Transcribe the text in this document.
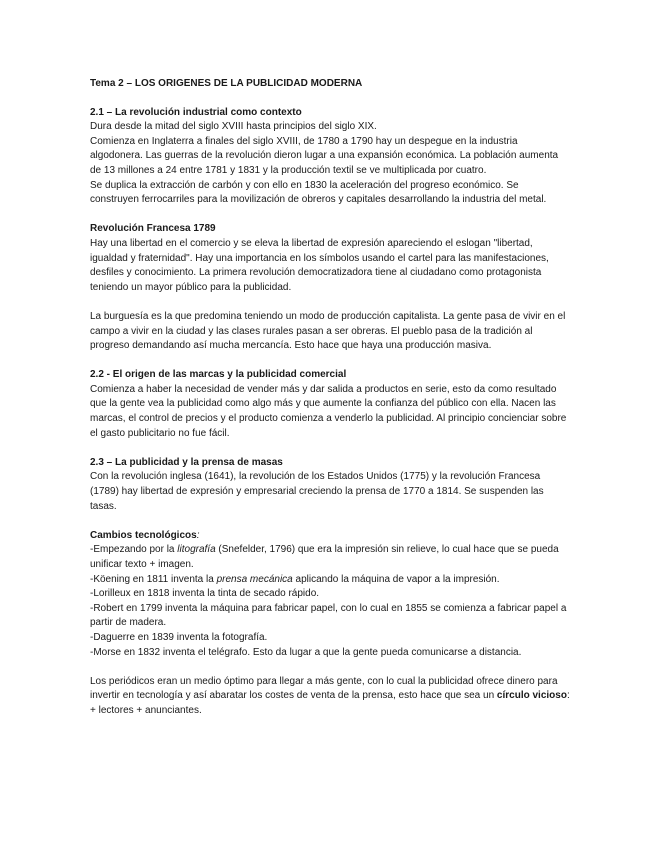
Tema 2 – LOS ORIGENES DE LA PUBLICIDAD MODERNA

2.1 – La revolución industrial como contexto

Dura desde la mitad del siglo XVIII hasta principios del siglo XIX.

Comienza en Inglaterra a finales del siglo XVIII, de 1780 a 1790 hay un despegue en la industria algodonera. Las guerras de la revolución dieron lugar a una expansión económica. La población aumenta de 13 millones a 24 entre 1781 y 1831 y la producción textil se ve multiplicada por cuatro.

Se duplica la extracción de carbón y con ello en 1830 la aceleración del progreso económico. Se construyen ferrocarriles para la movilización de obreros y capitales desarrollando la industria del metal.

Revolución Francesa 1789

Hay una libertad en el comercio y se eleva la libertad de expresión apareciendo el eslogan "libertad, igualdad y fraternidad". Hay una importancia en los símbolos usando el cartel para las manifestaciones, desfiles y conocimiento. La primera revolución democratizadora tiene al ciudadano como protagonista teniendo un mayor público para la publicidad.

La burguesía es la que predomina teniendo un modo de producción capitalista. La gente pasa de vivir en el campo a vivir en la ciudad y las clases rurales pasan a ser obreras. El pueblo pasa de la tradición al progreso demandando así mucha mercancía. Esto hace que haya una producción masiva.

2.2 - El origen de las marcas y la publicidad comercial

Comienza a haber la necesidad de vender más y dar salida a productos en serie, esto da como resultado que la gente vea la publicidad como algo más y que aumente la confianza del público con ella. Nacen las marcas, el control de precios y el producto comienza a venderlo la publicidad. Al principio concienciar sobre el gasto publicitario no fue fácil.

2.3 – La publicidad y la prensa de masas

Con la revolución inglesa (1641), la revolución de los Estados Unidos (1775) y la revolución Francesa (1789) hay libertad de expresión y empresarial creciendo la prensa de 1770 a 1814. Se suspenden las tasas.

Cambios tecnológicos:

-Empezando por la litografía (Snefelder, 1796) que era la impresión sin relieve, lo cual hace que se pueda unificar texto + imagen.
-Köening en 1811 inventa la prensa mecánica aplicando la máquina de vapor a la impresión.
-Lorilleux en 1818 inventa la tinta de secado rápido.
-Robert en 1799 inventa la máquina para fabricar papel, con lo cual en 1855 se comienza a fabricar papel a partir de madera.
-Daguerre en 1839 inventa la fotografía.
-Morse en 1832 inventa el telégrafo. Esto da lugar a que la gente pueda comunicarse a distancia.

Los periódicos eran un medio óptimo para llegar a más gente, con lo cual la publicidad ofrece dinero para invertir en tecnología y así abaratar los costes de venta de la prensa, esto hace que sea un círculo vicioso: + lectores + anunciantes.
